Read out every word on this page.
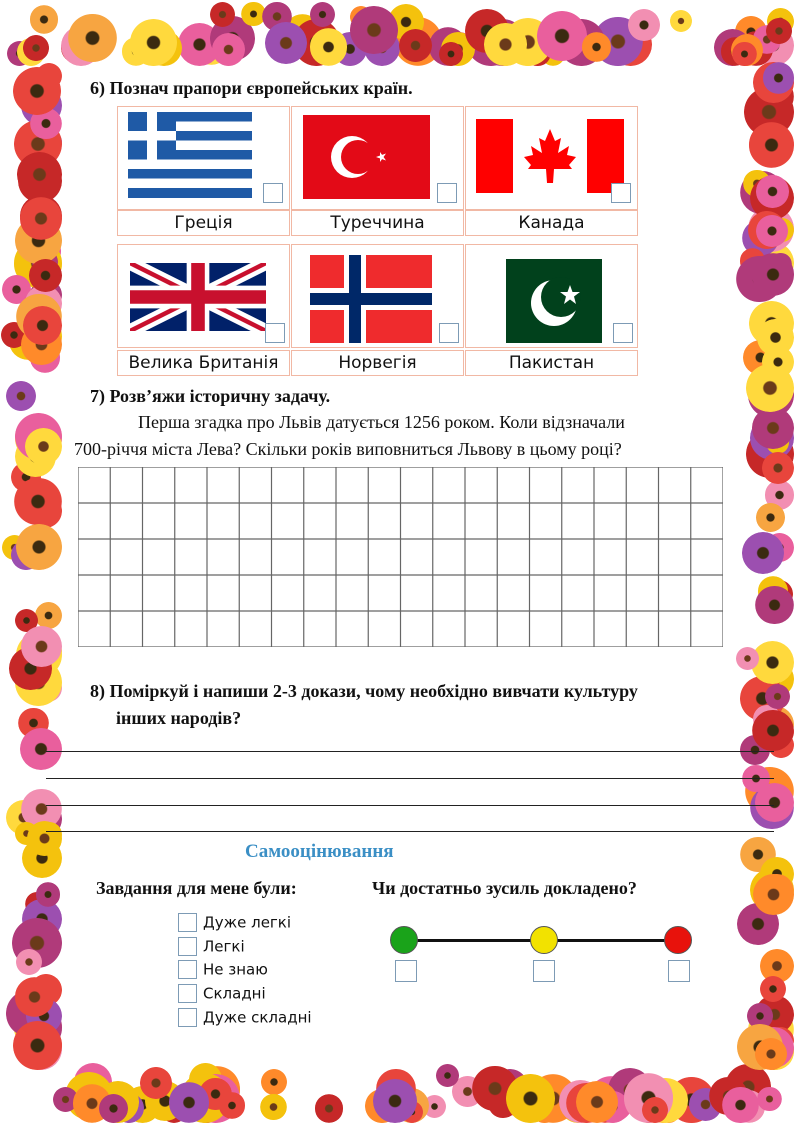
6) Познач прапори європейських країн.
Греція	Туреччина	Канада
Велика Британія	Норвегія	Пакистан
7) Розв’яжи історичну задачу.
Перша згадка про Львів датується 1256 роком. Коли відзначали
700-річчя міста Лева? Скільки років виповниться Львову в цьому році?
8) Поміркуй і напиши 2-3 докази, чому необхідно вивчати культуру
інших народів?
Самооцінювання
Завдання для мене були:	Чи достатньо зусиль докладено?
Дуже легкі
Легкі
Не знаю
Складні
Дуже складні
